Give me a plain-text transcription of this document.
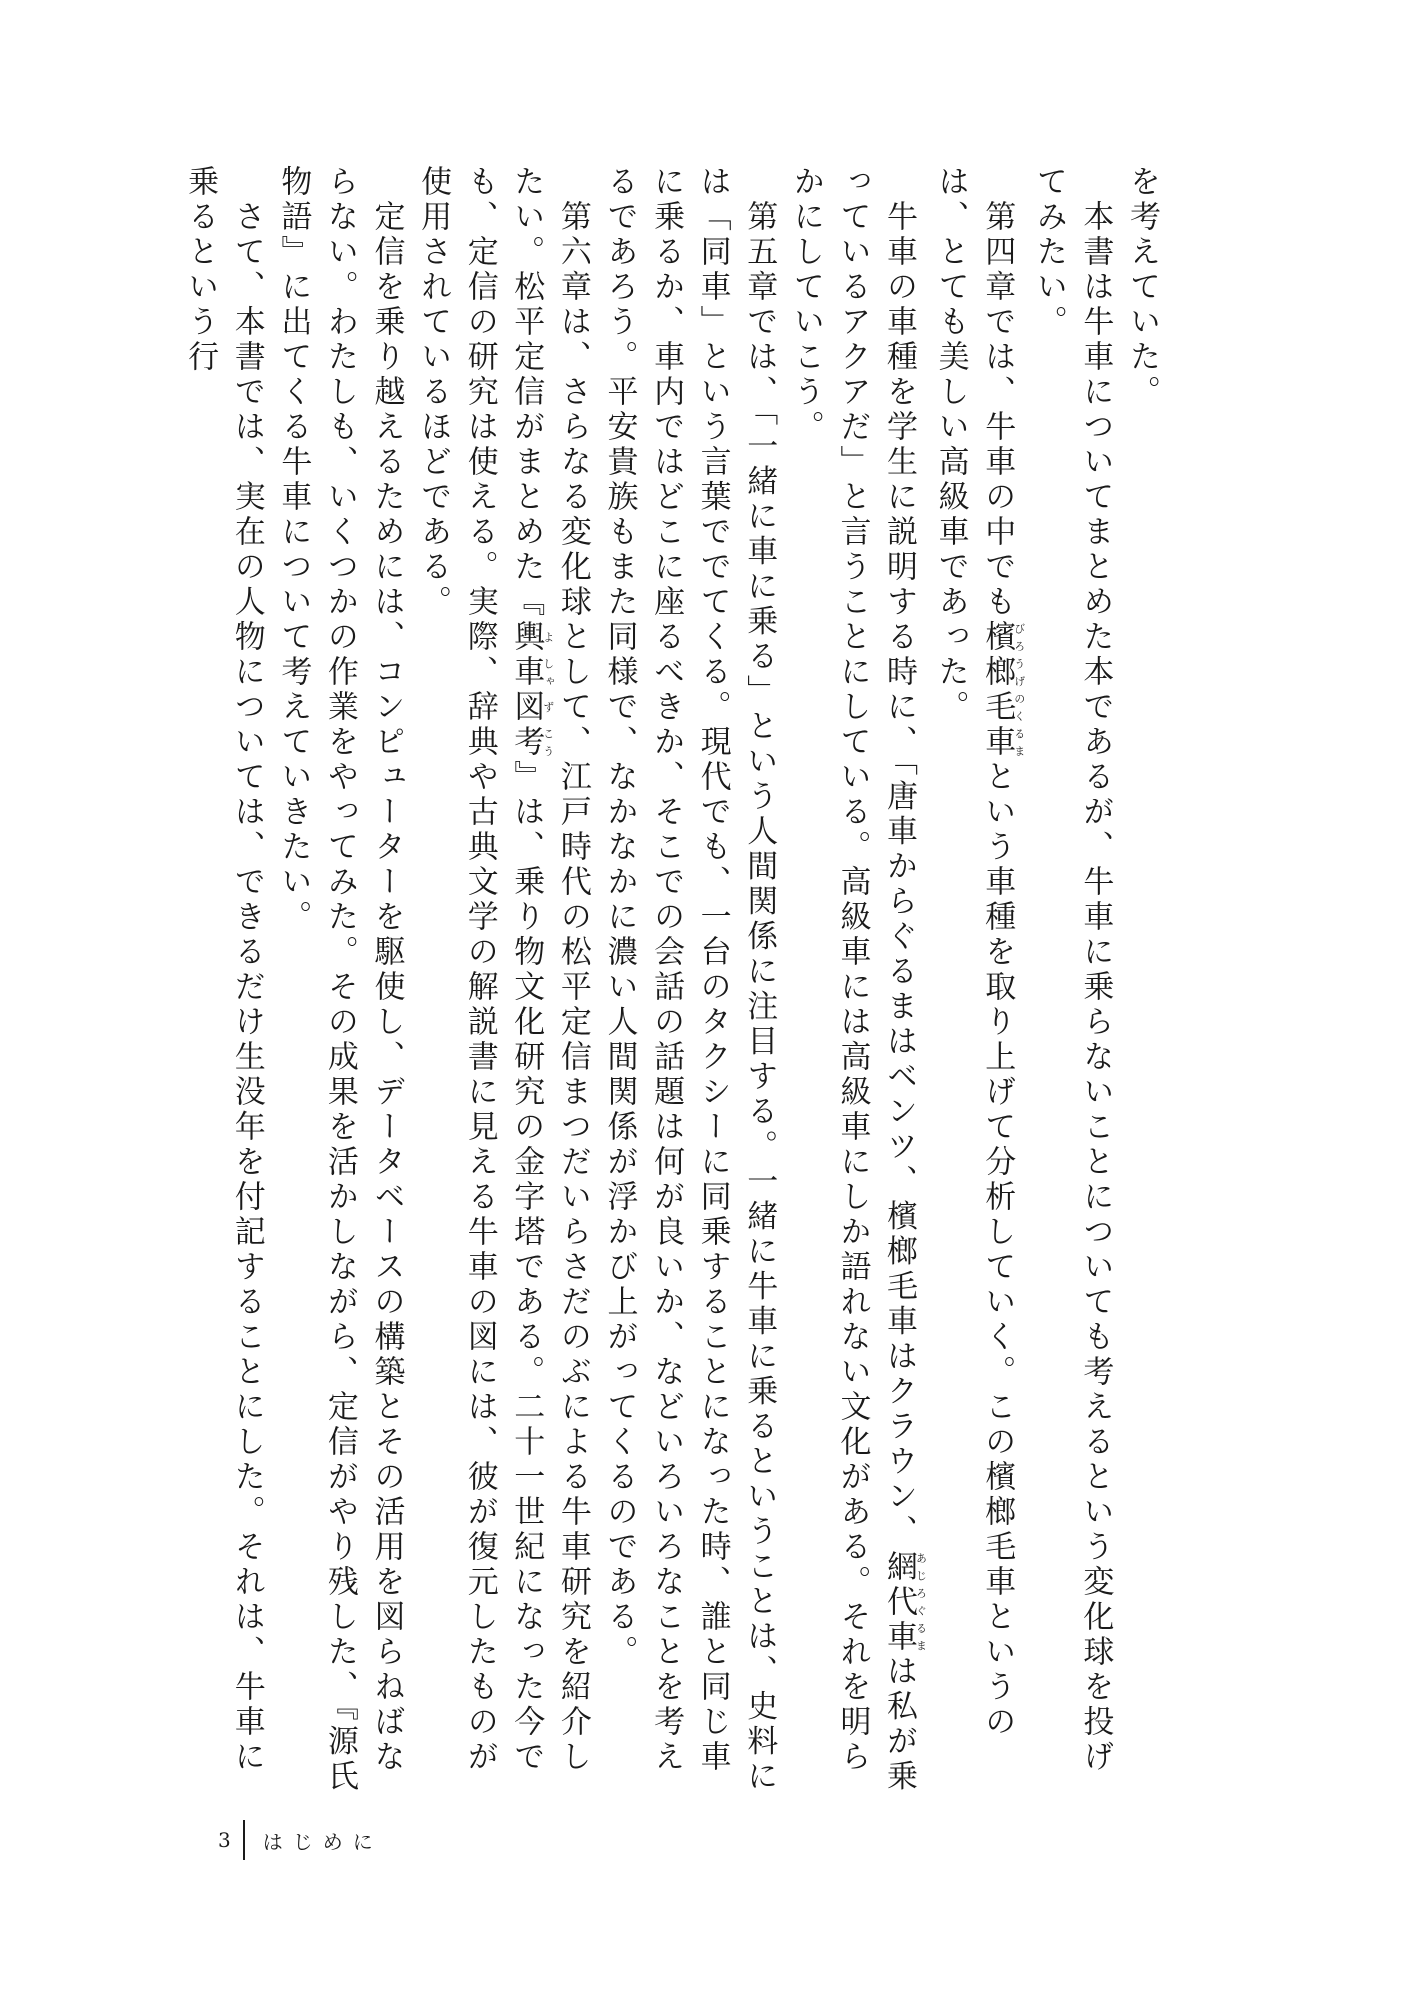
を考えていた。

　本書は牛車についてまとめた本であるが、牛車に乗らないことについても考えるという変化球を投げてみたい。

　第四章では、牛車の中でも檳榔毛車びろうげのくるまという車種を取り上げて分析していく。この檳榔毛車というのは、とても美しい高級車であった。

　牛車の車種を学生に説明する時に、「唐車からぐるまはベンツ、檳榔毛車はクラウン、網代車あじろぐるまは私が乗っているアクアだ」と言うことにしている。高級車には高級車にしか語れない文化がある。それを明らかにしていこう。

　第五章では、「一緒に車に乗る」という人間関係に注目する。一緒に牛車に乗るということは、史料には「同車」という言葉ででてくる。現代でも、一台のタクシーに同乗することになった時、誰と同じ車に乗るか、車内ではどこに座るべきか、そこでの会話の話題は何が良いか、などいろいろなことを考えるであろう。平安貴族もまた同様で、なかなかに濃い人間関係が浮かび上がってくるのである。

　第六章は、さらなる変化球として、江戸時代の松平定信まつだいらさだのぶによる牛車研究を紹介したい。松平定信がまとめた『輿よ車しゃ図ず考こう』は、乗り物文化研究の金字塔である。二十一世紀になった今でも、定信の研究は使える。実際、辞典や古典文学の解説書に見える牛車の図には、彼が復元したものが使用されているほどである。

　定信を乗り越えるためには、コンピューターを駆使し、データベースの構築とその活用を図らねばならない。わたしも、いくつかの作業をやってみた。その成果を活かしながら、定信がやり残した、『源氏物語』に出てくる牛車について考えていきたい。

　さて、本書では、実在の人物については、できるだけ生没年を付記することにした。それは、牛車に乗るという行

3 はじめに
